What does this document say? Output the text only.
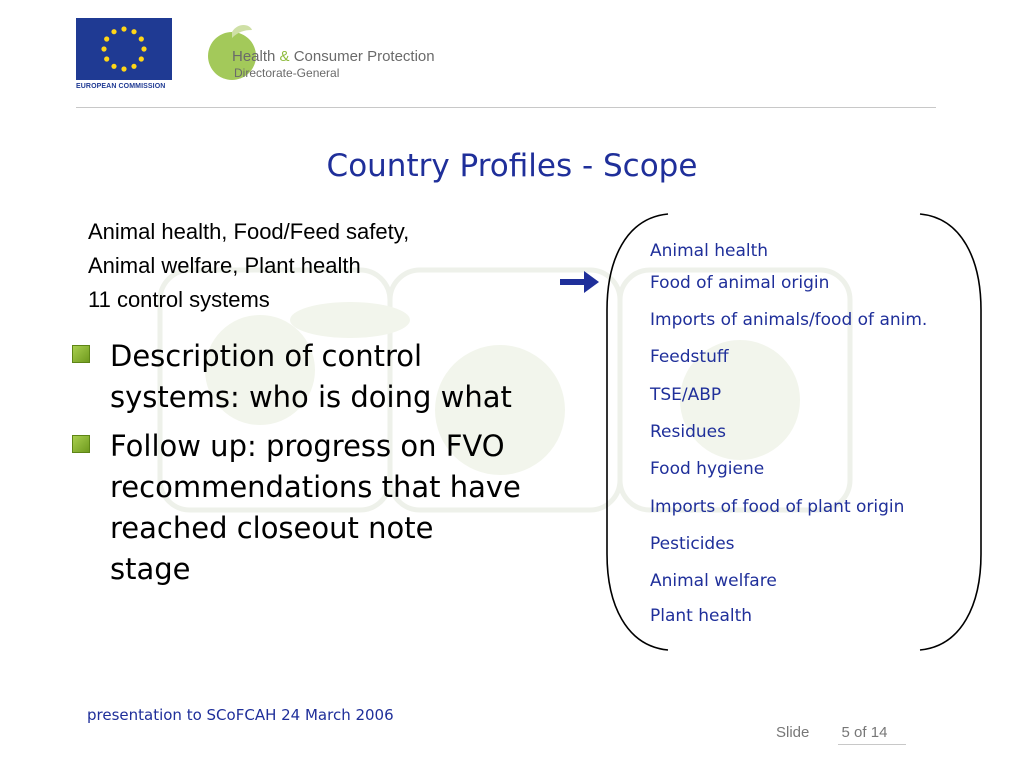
EUROPEAN COMMISSION
Health & Consumer Protection
Directorate-General
Country Profiles - Scope
Animal health, Food/Feed safety,
Animal welfare, Plant health
11 control systems
Description of control systems: who is doing what
Follow up: progress on FVO recommendations that have reached closeout note stage
Animal health
Food of animal origin
Imports of animals/food of anim.
Feedstuff
TSE/ABP
Residues
Food hygiene
Imports of food of plant origin
Pesticides
Animal welfare
Plant health
presentation to SCoFCAH 24 March 2006
Slide 5 of 14
